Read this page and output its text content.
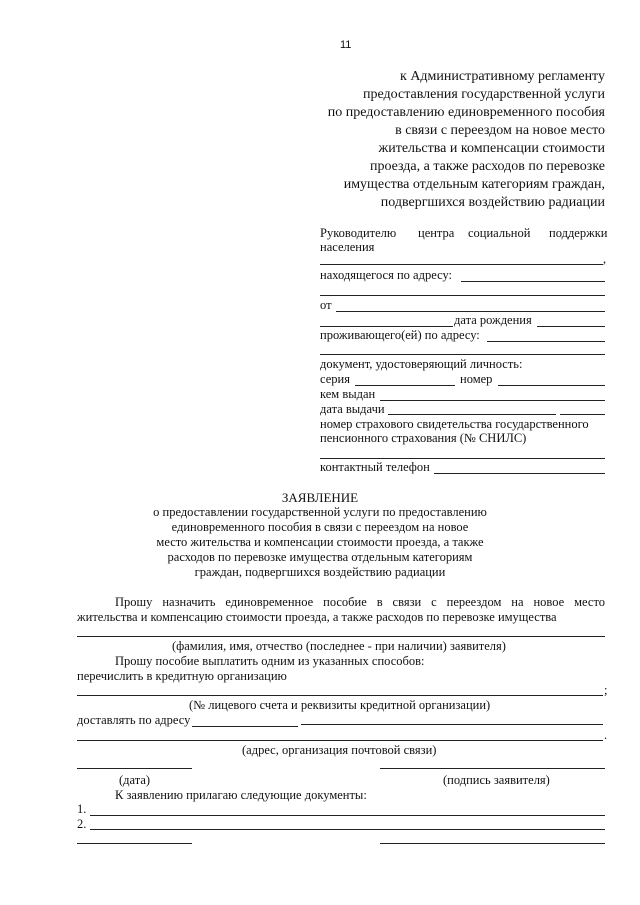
11
к Административному регламенту
предоставления государственной услуги
по предоставлению единовременного пособия
в связи с переездом на новое место
жительства и компенсации стоимости
проезда, а также расходов по перевозке
имущества отдельным категориям граждан,
подвергшихся воздействию радиации
Руководителю центра социальной поддержки
населения
,
находящегося по адресу:
от
дата рождения
проживающего(ей) по адресу:
документ, удостоверяющий личность:
серия	номер
кем выдан
дата выдачи
номер страхового свидетельства государственного
пенсионного страхования (№ СНИЛС)
контактный телефон
ЗАЯВЛЕНИЕ
о предоставлении государственной услуги по предоставлению
единовременного пособия в связи с переездом на новое
место жительства и компенсации стоимости проезда, а также
расходов по перевозке имущества отдельным категориям
граждан, подвергшихся воздействию радиации
Прошу назначить единовременное пособие в связи с переездом на новое место
жительства и компенсацию стоимости проезда, а также расходов по перевозке имущества
(фамилия, имя, отчество (последнее - при наличии) заявителя)
Прошу пособие выплатить одним из указанных способов:
перечислить в кредитную организацию
;
(№ лицевого счета и реквизиты кредитной организации)
доставлять по адресу
.
(адрес, организация почтовой связи)
(дата)	(подпись заявителя)
К заявлению прилагаю следующие документы:
1.
2.
